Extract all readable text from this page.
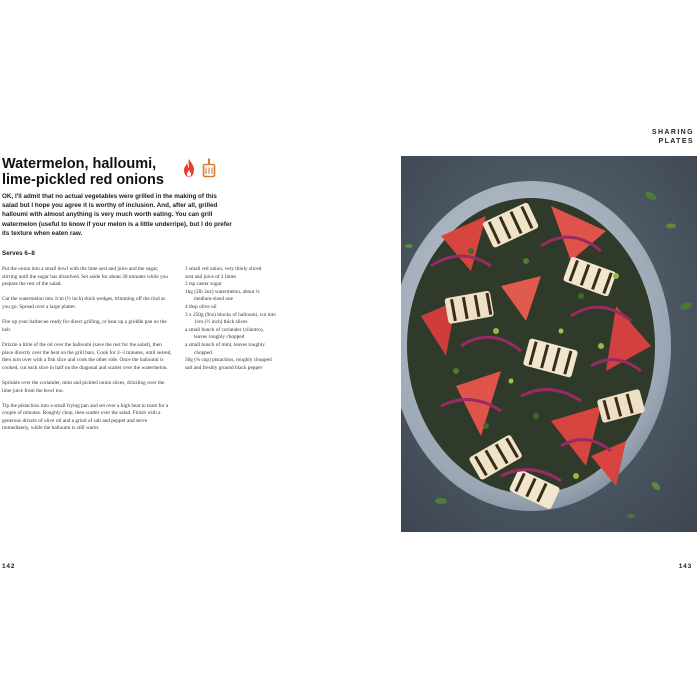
SHARING
PLATES
Watermelon, halloumi,
lime-pickled red onions

OK, I'll admit that no actual vegetables were grilled in the making of this salad but I hope you agree it is worthy of inclusion. And, after all, grilled halloumi with almost anything is very much worth eating. You can grill watermelon (useful to know if your melon is a little underripe), but I do prefer its texture when eaten raw.

Serves 6–8

Put the onion into a small bowl with the lime zest and juice and the sugar, stirring until the sugar has dissolved. Set aside for about 30 minutes while you prepare the rest of the salad.

Cut the watermelon into 1cm (½ inch) thick wedges, trimming off the rind as you go. Spread over a large platter.

Fire up your barbecue ready for direct grilling, or heat up a griddle pan on the hob.

Drizzle a little of the oil over the halloumi (save the rest for the salad), then place directly over the heat on the grill bars. Cook for 2–3 minutes, until seared, then turn over with a fish slice and cook the other side. Once the halloumi is cooked, cut each slice in half on the diagonal and scatter over the watermelon.

Sprinkle over the coriander, mint and pickled onion slices, drizzling over the lime juice from the bowl too.

Tip the pistachios into a small frying pan and set over a high heat to toast for a couple of minutes. Roughly chop, then scatter over the salad. Finish with a generous drizzle of olive oil and a grind of salt and pepper and serve immediately, while the halloumi is still warm.

1 small red onion, very thinly sliced
zest and juice of 2 limes
2 tsp caster sugar
1kg (2lb 3oz) watermelon, about ¼ medium-sized one
4 tbsp olive oil
3 x 250g (9oz) blocks of halloumi, cut into 1cm (½ inch) thick slices
a small bunch of coriander (cilantro), leaves roughly chopped
a small bunch of mint, leaves roughly chopped
50g (¾ cup) pistachios, roughly chopped
salt and freshly ground black pepper
142	143
